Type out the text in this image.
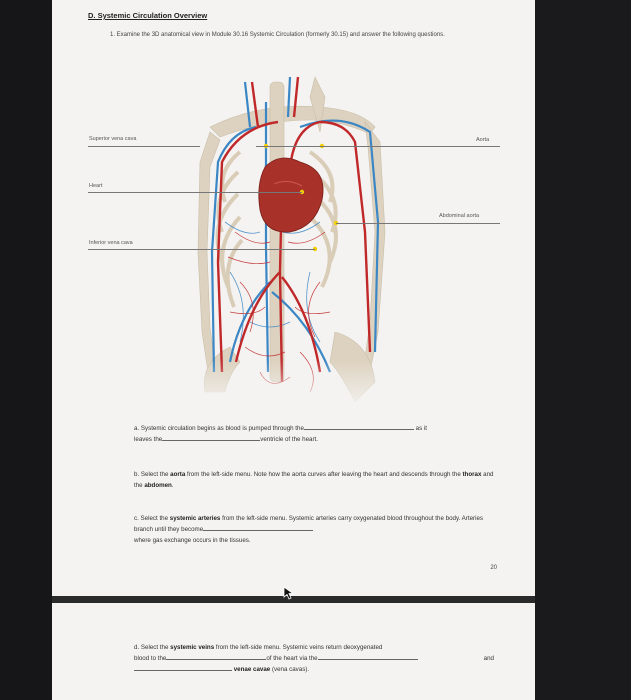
D. Systemic Circulation Overview
1. Examine the 3D anatomical view in Module 30.16 Systemic Circulation (formerly 30.15) and answer the following questions.
Superior vena cava	Aorta
Heart
Abdominal aorta
Inferior vena cava
a. Systemic circulation begins as blood is pumped through the	as it
leaves the	ventricle of the heart.
b. Select the aorta from the left-side menu. Note how the aorta curves after leaving the heart and descends through the thorax and the abdomen.
c. Select the systemic arteries from the left-side menu. Systemic arteries carry oxygenated blood throughout the body. Arteries branch until they become
where gas exchange occurs in the tissues.
20
d. Select the systemic veins from the left-side menu. Systemic veins return deoxygenated
blood to the	of the heart via the	and

venae cavae (vena cavas).
